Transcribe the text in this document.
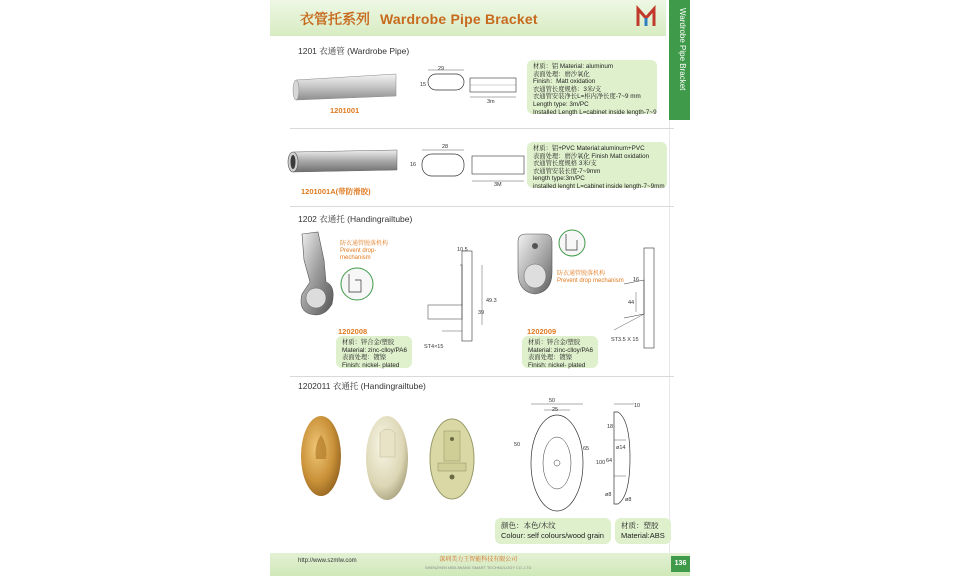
衣管托系列 Wardrobe Pipe Bracket	Wardrobe Pipe Bracket
1201 衣通管 (Wardrobe Pipe)
1201001
29
15
3m
材质：铝 Material: aluminum
表面处理：磨沙氧化
Finish：Matt oxidation
衣通管长度规格：3米/支
衣通管安装净长L=柜内净长度-7~9 mm
Length type: 3m/PC
Installed Length L=cabinet inside length-7~9
1201001A(带防滑胶)
28
16
3M
材质：铝+PVC Material:aluminum+PVC
表面处理：磨沙氧化 Finish Matt oxidation
衣通管长度规格 3米/支
衣通管安装长度-7~9mm
length type:3m/PC
installed lenght L=cabinet inside length-7~9mm
1202 衣通托 (Handingrailtube)
防衣通管脱落机构
Prevent drop-
mechanism
1202008
10.5
ST4×15
39
49.3
材质：锌合金/塑胶
Material: zinc-clloy/PA6
表面处理：镀镍
Finish: nickel- plated
防衣通管脱落机构
Prevent drop mechanism
1202009
16
ST3.5 X 15
44
材质：锌合金/塑胶
Material: zinc-clloy/PA6
表面处理：镀镍
Finish: nickel- plated
1202011 衣通托 (Handingrailtube)
50
25
50
65
100
10
18
ø14
64
ø8
ø8
颜色：本色/木纹
Colour: self colours/wood grain
材质：塑胶
Material:ABS
http://www.szmlw.com	深圳美力王智能科技有限公司
SHENZHEN MEILIWANG SMART TECHNOLOGY CO.,LTD
136
